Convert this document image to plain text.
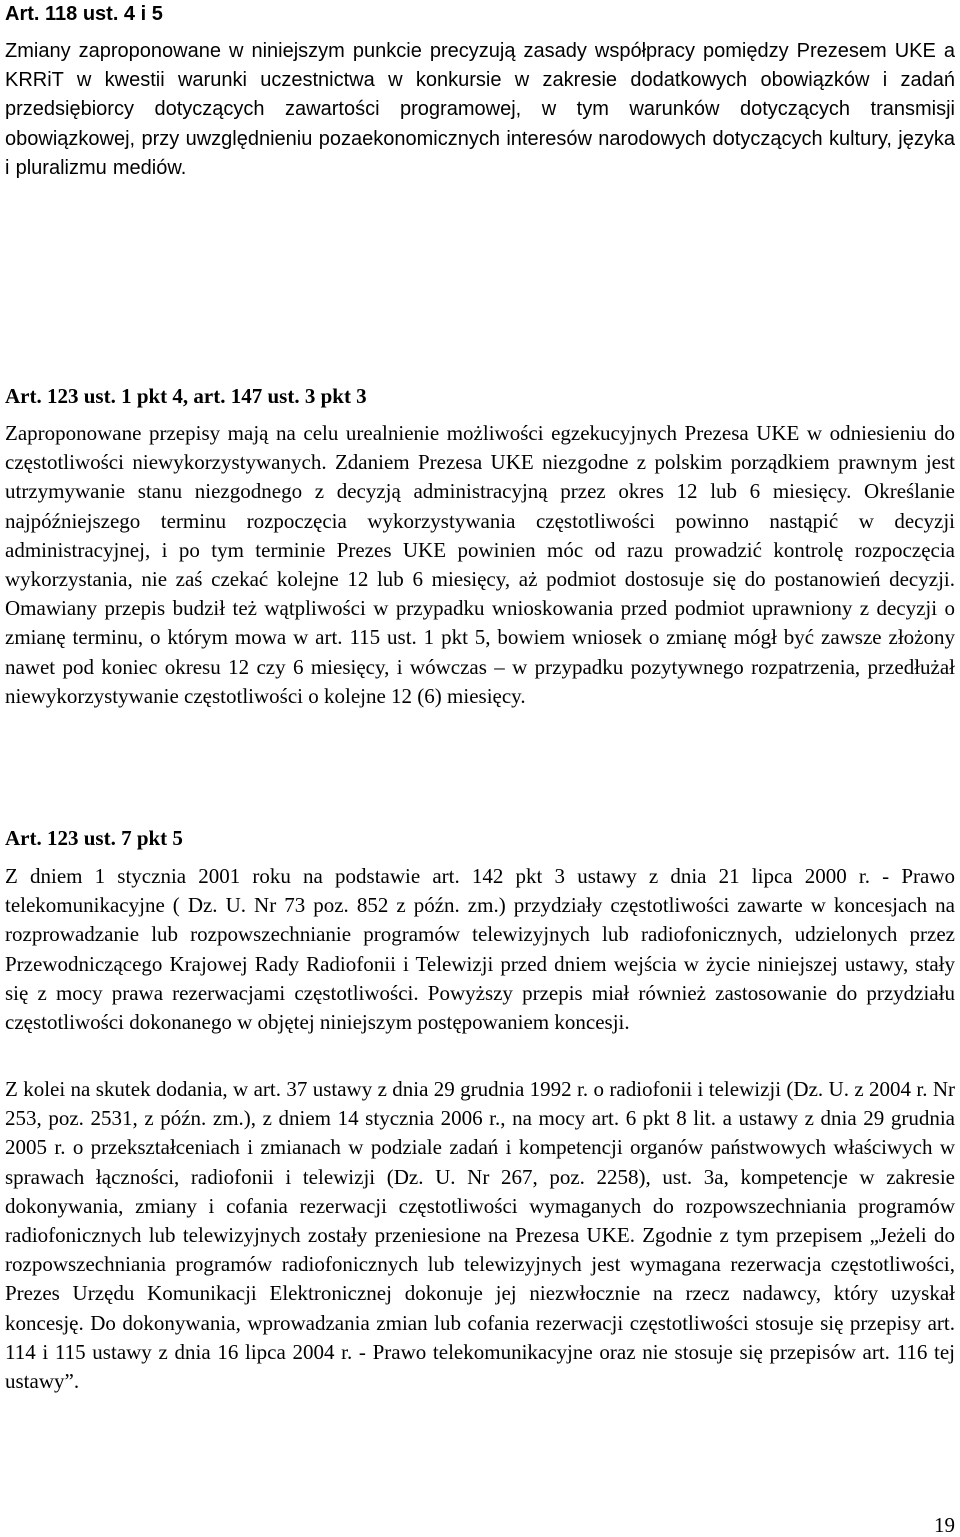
Art. 118 ust. 4 i 5

Zmiany zaproponowane w niniejszym punkcie precyzują zasady współpracy pomiędzy Prezesem UKE a KRRiT w kwestii warunki uczestnictwa w konkursie w zakresie dodatkowych obowiązków i zadań przedsiębiorcy dotyczących zawartości programowej, w tym warunków dotyczących transmisji obowiązkowej, przy uwzględnieniu pozaekonomicznych interesów narodowych dotyczących kultury, języka i pluralizmu mediów.

Art. 123 ust. 1 pkt 4, art. 147 ust. 3 pkt 3

Zaproponowane przepisy mają na celu urealnienie możliwości egzekucyjnych Prezesa UKE w odniesieniu do częstotliwości niewykorzystywanych. Zdaniem Prezesa UKE niezgodne z polskim porządkiem prawnym jest utrzymywanie stanu niezgodnego z decyzją administracyjną przez okres 12 lub 6 miesięcy. Określanie najpóźniejszego terminu rozpoczęcia wykorzystywania częstotliwości powinno nastąpić w decyzji administracyjnej, i po tym terminie Prezes UKE powinien móc od razu prowadzić kontrolę rozpoczęcia wykorzystania, nie zaś czekać kolejne 12 lub 6 miesięcy, aż podmiot dostosuje się do postanowień decyzji. Omawiany przepis budził też wątpliwości w przypadku wnioskowania przed podmiot uprawniony z decyzji o zmianę terminu, o którym mowa w art. 115 ust. 1 pkt 5, bowiem wniosek o zmianę mógł być zawsze złożony nawet pod koniec okresu 12 czy 6 miesięcy, i wówczas – w przypadku pozytywnego rozpatrzenia, przedłużał niewykorzystywanie częstotliwości o kolejne 12 (6) miesięcy.

Art. 123 ust. 7 pkt 5

Z dniem 1 stycznia 2001 roku na podstawie art. 142 pkt 3 ustawy z dnia 21 lipca 2000 r. - Prawo telekomunikacyjne ( Dz. U. Nr 73 poz. 852 z późn. zm.) przydziały częstotliwości zawarte w koncesjach na rozprowadzanie lub rozpowszechnianie programów telewizyjnych lub radiofonicznych, udzielonych przez Przewodniczącego Krajowej Rady Radiofonii i Telewizji przed dniem wejścia w życie niniejszej ustawy, stały się z mocy prawa rezerwacjami częstotliwości. Powyższy przepis miał również zastosowanie do przydziału częstotliwości dokonanego w objętej niniejszym postępowaniem koncesji.

Z kolei na skutek dodania, w art. 37 ustawy z dnia 29 grudnia 1992 r. o radiofonii i telewizji (Dz. U. z 2004 r. Nr 253, poz. 2531, z późn. zm.), z dniem 14 stycznia 2006 r., na mocy art. 6 pkt 8 lit. a ustawy z dnia 29 grudnia 2005 r. o przekształceniach i zmianach w podziale zadań i kompetencji organów państwowych właściwych w sprawach łączności, radiofonii i telewizji (Dz. U. Nr 267, poz. 2258), ust. 3a, kompetencje w zakresie dokonywania, zmiany i cofania rezerwacji częstotliwości wymaganych do rozpowszechniania programów radiofonicznych lub telewizyjnych zostały przeniesione na Prezesa UKE. Zgodnie z tym przepisem „Jeżeli do rozpowszechniania programów radiofonicznych lub telewizyjnych jest wymagana rezerwacja częstotliwości, Prezes Urzędu Komunikacji Elektronicznej dokonuje jej niezwłocznie na rzecz nadawcy, który uzyskał koncesję. Do dokonywania, wprowadzania zmian lub cofania rezerwacji częstotliwości stosuje się przepisy art. 114 i 115 ustawy z dnia 16 lipca 2004 r. - Prawo telekomunikacyjne oraz nie stosuje się przepisów art. 116 tej ustawy”.

19
